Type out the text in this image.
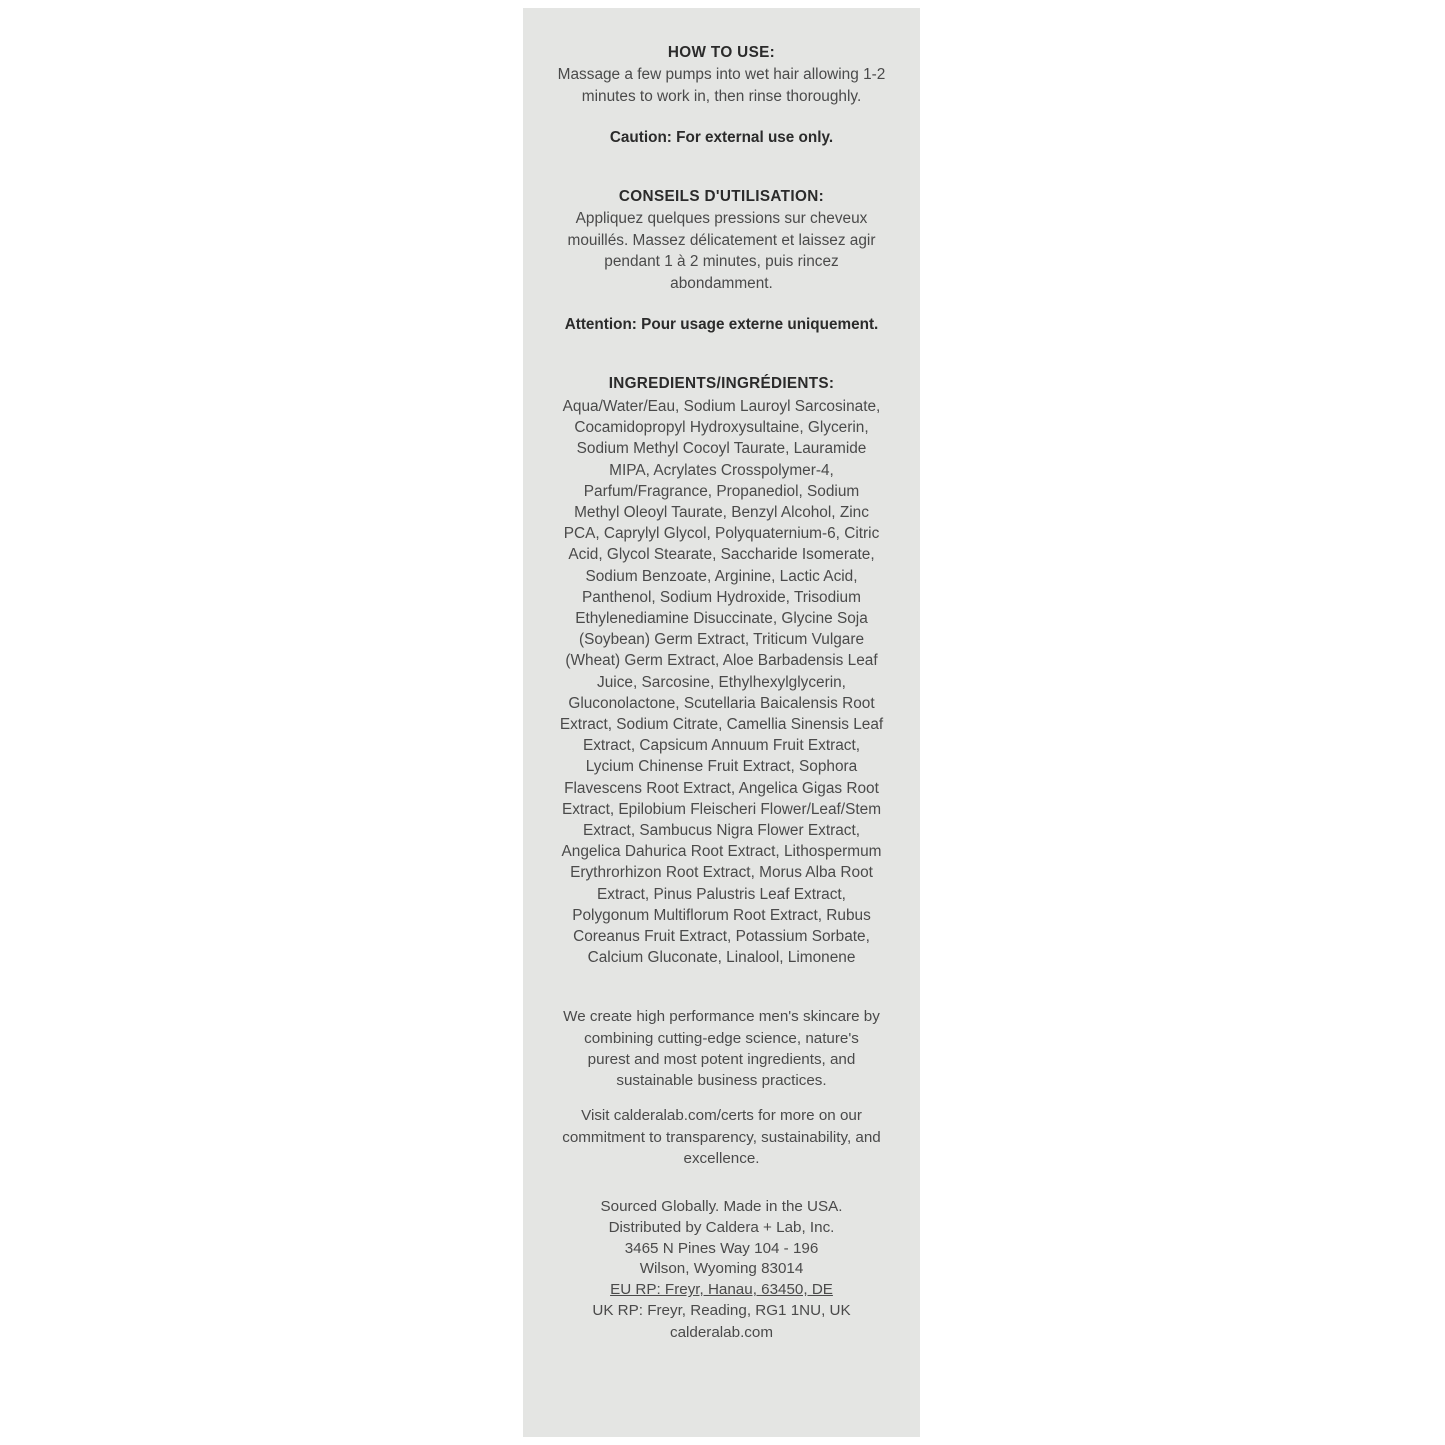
HOW TO USE:

Massage a few pumps into wet hair allowing 1-2 minutes to work in, then rinse thoroughly.

Caution: For external use only.

CONSEILS D'UTILISATION:

Appliquez quelques pressions sur cheveux mouillés. Massez délicatement et laissez agir pendant 1 à 2 minutes, puis rincez abondamment.

Attention: Pour usage externe uniquement.

INGREDIENTS/INGRÉDIENTS:

Aqua/Water/Eau, Sodium Lauroyl Sarcosinate, Cocamidopropyl Hydroxysultaine, Glycerin, Sodium Methyl Cocoyl Taurate, Lauramide MIPA, Acrylates Crosspolymer-4, Parfum/Fragrance, Propanediol, Sodium Methyl Oleoyl Taurate, Benzyl Alcohol, Zinc PCA, Caprylyl Glycol, Polyquaternium-6, Citric Acid, Glycol Stearate, Saccharide Isomerate, Sodium Benzoate, Arginine, Lactic Acid, Panthenol, Sodium Hydroxide, Trisodium Ethylenediamine Disuccinate, Glycine Soja (Soybean) Germ Extract, Triticum Vulgare (Wheat) Germ Extract, Aloe Barbadensis Leaf Juice, Sarcosine, Ethylhexylglycerin, Gluconolactone, Scutellaria Baicalensis Root Extract, Sodium Citrate, Camellia Sinensis Leaf Extract, Capsicum Annuum Fruit Extract, Lycium Chinense Fruit Extract, Sophora Flavescens Root Extract, Angelica Gigas Root Extract, Epilobium Fleischeri Flower/Leaf/Stem Extract, Sambucus Nigra Flower Extract, Angelica Dahurica Root Extract, Lithospermum Erythrorhizon Root Extract, Morus Alba Root Extract, Pinus Palustris Leaf Extract, Polygonum Multiflorum Root Extract, Rubus Coreanus Fruit Extract, Potassium Sorbate, Calcium Gluconate, Linalool, Limonene

We create high performance men's skincare by combining cutting-edge science, nature's purest and most potent ingredients, and sustainable business practices.

Visit calderalab.com/certs for more on our commitment to transparency, sustainability, and excellence.

Sourced Globally. Made in the USA.
Distributed by Caldera + Lab, Inc.
3465 N Pines Way 104 - 196
Wilson, Wyoming 83014
EU RP: Freyr, Hanau, 63450, DE
UK RP: Freyr, Reading, RG1 1NU, UK
calderalab.com
